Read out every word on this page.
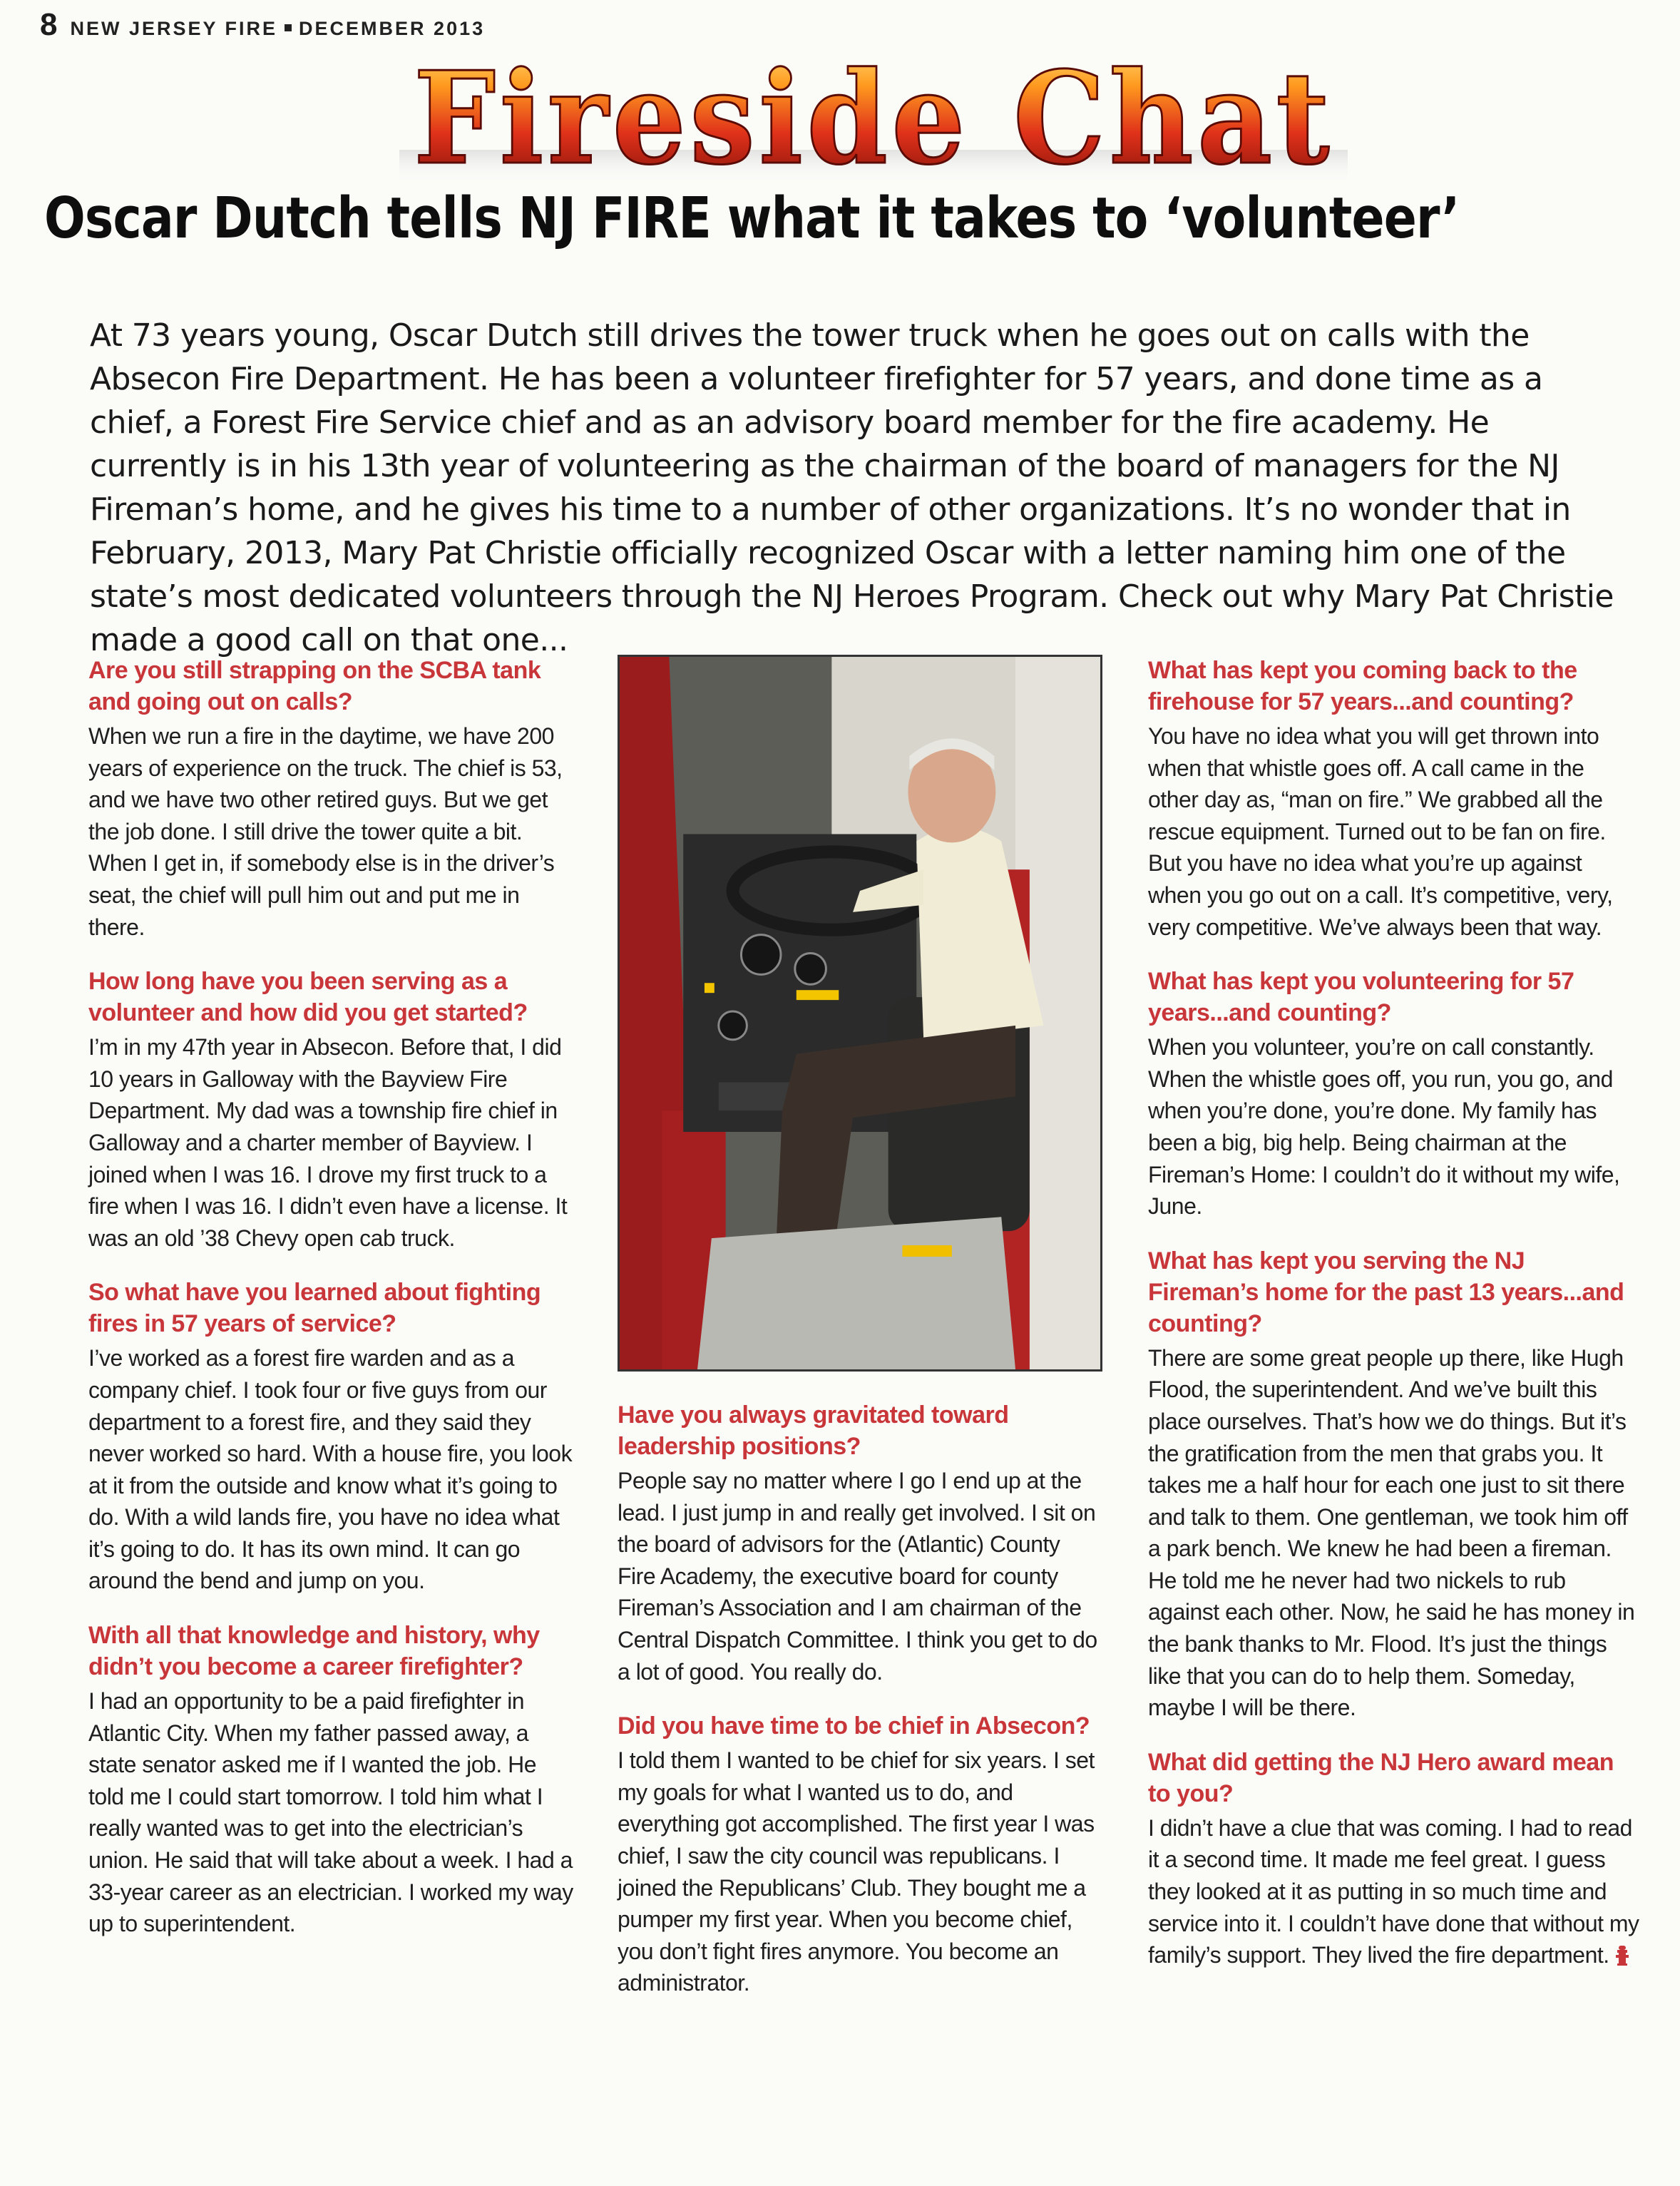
8 NEW JERSEY FIRE DECEMBER 2013
Fireside Chat
Oscar Dutch tells NJ FIRE what it takes to ‘volunteer’
At 73 years young, Oscar Dutch still drives the tower truck when he goes out on calls with the Absecon Fire Department. He has been a volunteer firefighter for 57 years, and done time as a chief, a Forest Fire Service chief and as an advisory board member for the fire academy. He currently is in his 13th year of volunteering as the chairman of the board of managers for the NJ Fireman’s home, and he gives his time to a number of other organizations. It’s no wonder that in February, 2013, Mary Pat Christie officially recognized Oscar with a letter naming him one of the state’s most dedicated volunteers through the NJ Heroes Program. Check out why Mary Pat Christie made a good call on that one...

Are you still strapping on the SCBA tank and going out on calls?

When we run a fire in the daytime, we have 200 years of experience on the truck. The chief is 53, and we have two other retired guys. But we get the job done. I still drive the tower quite a bit. When I get in, if somebody else is in the driver’s seat, the chief will pull him out and put me in there.

How long have you been serving as a volunteer and how did you get started?

I’m in my 47th year in Absecon. Before that, I did 10 years in Galloway with the Bayview Fire Department. My dad was a township fire chief in Galloway and a charter member of Bayview. I joined when I was 16. I drove my first truck to a fire when I was 16. I didn’t even have a license. It was an old ’38 Chevy open cab truck.

So what have you learned about fighting fires in 57 years of service?

I’ve worked as a forest fire warden and as a company chief. I took four or five guys from our department to a forest fire, and they said they never worked so hard. With a house fire, you look at it from the outside and know what it’s going to do. With a wild lands fire, you have no idea what it’s going to do. It has its own mind. It can go around the bend and jump on you.

With all that knowledge and history, why didn’t you become a career firefighter?

I had an opportunity to be a paid firefighter in Atlantic City. When my father passed away, a state senator asked me if I wanted the job. He told me I could start tomorrow. I told him what I really wanted was to get into the electrician’s union. He said that will take about a week. I had a 33-year career as an electrician. I worked my way up to superintendent.

Have you always gravitated toward leadership positions?

People say no matter where I go I end up at the lead. I just jump in and really get involved. I sit on the board of advisors for the (Atlantic) County Fire Academy, the executive board for county Fireman’s Association and I am chairman of the Central Dispatch Committee. I think you get to do a lot of good. You really do.

Did you have time to be chief in Absecon?

I told them I wanted to be chief for six years. I set my goals for what I wanted us to do, and everything got accomplished. The first year I was chief, I saw the city council was republicans. I joined the Republicans’ Club. They bought me a pumper my first year. When you become chief, you don’t fight fires anymore. You become an administrator.

What has kept you coming back to the firehouse for 57 years...and counting?

You have no idea what you will get thrown into when that whistle goes off. A call came in the other day as, “man on fire.” We grabbed all the rescue equipment. Turned out to be fan on fire. But you have no idea what you’re up against when you go out on a call. It’s competitive, very, very competitive. We’ve always been that way.

What has kept you volunteering for 57 years...and counting?

When you volunteer, you’re on call constantly. When the whistle goes off, you run, you go, and when you’re done, you’re done. My family has been a big, big help. Being chairman at the Fireman’s Home: I couldn’t do it without my wife, June.

What has kept you serving the NJ Fireman’s home for the past 13 years...and counting?

There are some great people up there, like Hugh Flood, the superintendent. And we’ve built this place ourselves. That’s how we do things. But it’s the gratification from the men that grabs you. It takes me a half hour for each one just to sit there and talk to them. One gentleman, we took him off a park bench. We knew he had been a fireman. He told me he never had two nickels to rub against each other. Now, he said he has money in the bank thanks to Mr. Flood. It’s just the things like that you can do to help them. Someday, maybe I will be there.

What did getting the NJ Hero award mean to you?

I didn’t have a clue that was coming. I had to read it a second time. It made me feel great. I guess they looked at it as putting in so much time and service into it. I couldn’t have done that without my family’s support. They lived the fire department.
